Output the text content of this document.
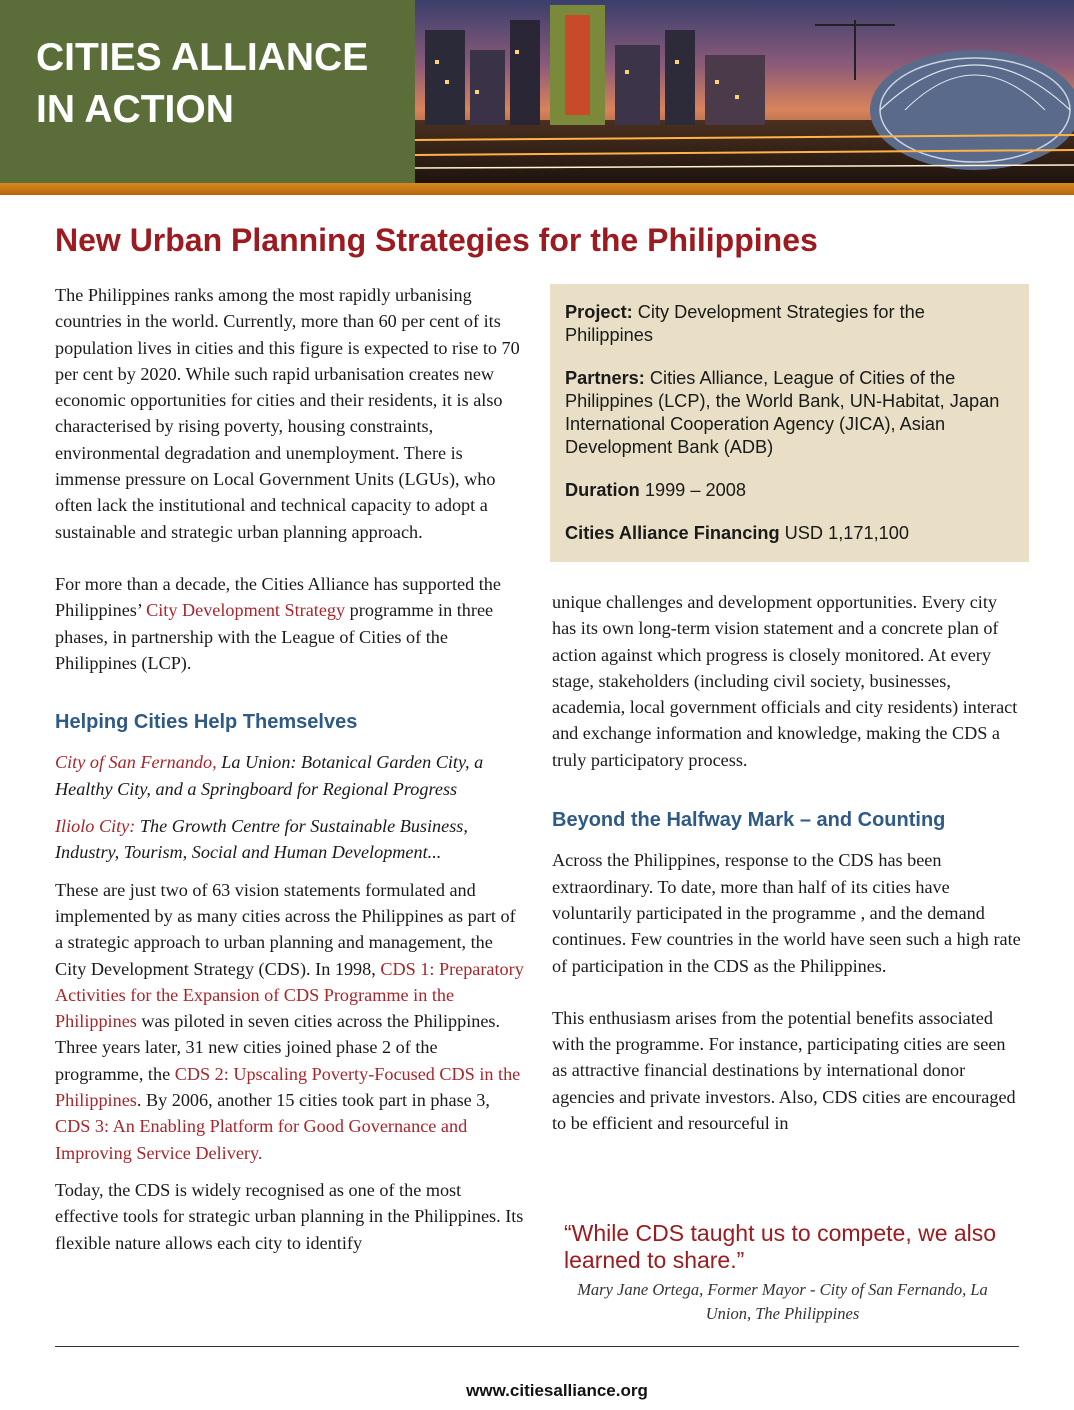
CITIES ALLIANCE
IN ACTION
New Urban Planning Strategies for the Philippines

The Philippines ranks among the most rapidly urbanising countries in the world. Currently, more than 60 per cent of its population lives in cities and this figure is expected to rise to 70 per cent by 2020. While such rapid urbanisation creates new economic opportunities for cities and their residents, it is also characterised by rising poverty, housing constraints, environmental degradation and unemployment. There is immense pressure on Local Government Units (LGUs), who often lack the institutional and technical capacity to adopt a sustainable and strategic urban planning approach.

For more than a decade, the Cities Alliance has supported the Philippines’ City Development Strategy programme in three phases, in partnership with the League of Cities of the Philippines (LCP).

Helping Cities Help Themselves

City of San Fernando, La Union: Botanical Garden City, a Healthy City, and a Springboard for Regional Progress

Iliolo City: The Growth Centre for Sustainable Business, Industry, Tourism, Social and Human Development...

These are just two of 63 vision statements formulated and implemented by as many cities across the Philippines as part of a strategic approach to urban planning and management, the City Development Strategy (CDS). In 1998, CDS 1: Preparatory Activities for the Expansion of CDS Programme in the Philippines was piloted in seven cities across the Philippines. Three years later, 31 new cities joined phase 2 of the programme, the CDS 2: Upscaling Poverty-Focused CDS in the Philippines. By 2006, another 15 cities took part in phase 3, CDS 3: An Enabling Platform for Good Governance and Improving Service Delivery.

Today, the CDS is widely recognised as one of the most effective tools for strategic urban planning in the Philippines. Its flexible nature allows each city to identify

Project: City Development Strategies for the Philippines

Partners: Cities Alliance, League of Cities of the Philippines (LCP), the World Bank, UN-Habitat, Japan International Cooperation Agency (JICA), Asian Development Bank (ADB)

Duration 1999 – 2008

Cities Alliance Financing USD 1,171,100

unique challenges and development opportunities. Every city has its own long-term vision statement and a concrete plan of action against which progress is closely monitored. At every stage, stakeholders (including civil society, businesses, academia, local government officials and city residents) interact and exchange information and knowledge, making the CDS a truly participatory process.

Beyond the Halfway Mark – and Counting

Across the Philippines, response to the CDS has been extraordinary. To date, more than half of its cities have voluntarily participated in the programme , and the demand continues. Few countries in the world have seen such a high rate of participation in the CDS as the Philippines.

This enthusiasm arises from the potential benefits associated with the programme. For instance, participating cities are seen as attractive financial destinations by international donor agencies and private investors. Also, CDS cities are encouraged to be efficient and resourceful in

“While CDS taught us to compete, we also learned to share.”

Mary Jane Ortega, Former Mayor - City of San Fernando, La Union, The Philippines
www.citiesalliance.org
